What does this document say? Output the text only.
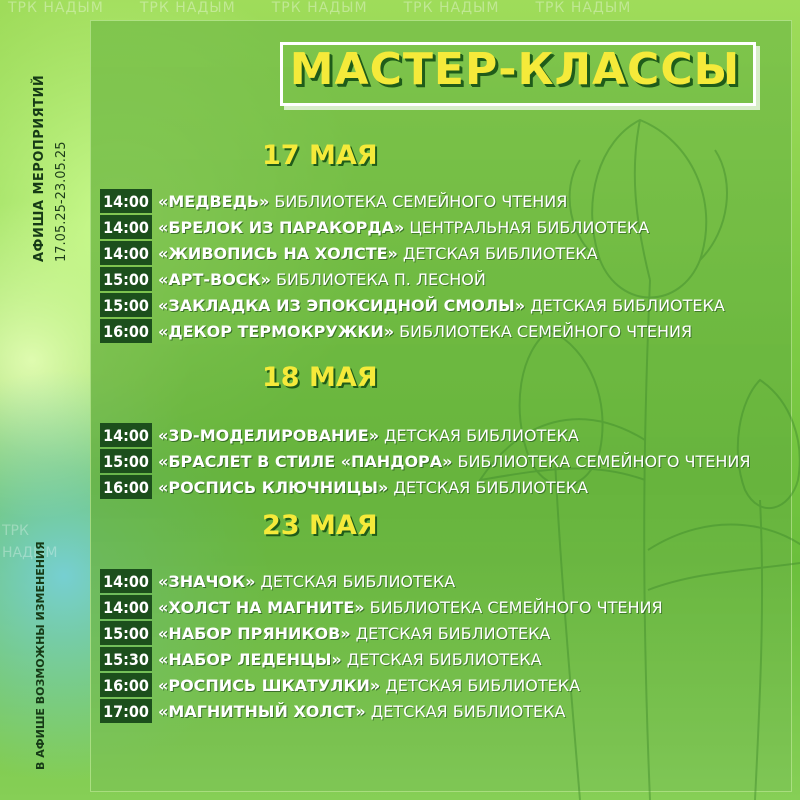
ТРК НАДЫМ	ТРК НАДЫМ	ТРК НАДЫМ	ТРК НАДЫМ	ТРК НАДЫМ
ТРК НАДЫМ
АФИША МЕРОПРИЯТИЙ 17.05.25-23.05.25
В АФИШЕ ВОЗМОЖНЫ ИЗМЕНЕНИЯ
МАСТЕР-КЛАССЫ
17 МАЯ
14:00 «МЕДВЕДЬ» БИБЛИОТЕКА СЕМЕЙНОГО ЧТЕНИЯ
14:00 «БРЕЛОК ИЗ ПАРАКОРДА» ЦЕНТРАЛЬНАЯ БИБЛИОТЕКА
14:00 «ЖИВОПИСЬ НА ХОЛСТЕ» ДЕТСКАЯ БИБЛИОТЕКА
15:00 «АРТ-ВОСК» БИБЛИОТЕКА П. ЛЕСНОЙ
15:00 «ЗАКЛАДКА ИЗ ЭПОКСИДНОЙ СМОЛЫ» ДЕТСКАЯ БИБЛИОТЕКА
16:00 «ДЕКОР ТЕРМОКРУЖКИ» БИБЛИОТЕКА СЕМЕЙНОГО ЧТЕНИЯ
18 МАЯ
14:00 «3D-МОДЕЛИРОВАНИЕ» ДЕТСКАЯ БИБЛИОТЕКА
15:00 «БРАСЛЕТ В СТИЛЕ «ПАНДОРА» БИБЛИОТЕКА СЕМЕЙНОГО ЧТЕНИЯ
16:00 «РОСПИСЬ КЛЮЧНИЦЫ» ДЕТСКАЯ БИБЛИОТЕКА
23 МАЯ
14:00 «ЗНАЧОК» ДЕТСКАЯ БИБЛИОТЕКА
14:00 «ХОЛСТ НА МАГНИТЕ» БИБЛИОТЕКА СЕМЕЙНОГО ЧТЕНИЯ
15:00 «НАБОР ПРЯНИКОВ» ДЕТСКАЯ БИБЛИОТЕКА
15:30 «НАБОР ЛЕДЕНЦЫ» ДЕТСКАЯ БИБЛИОТЕКА
16:00 «РОСПИСЬ ШКАТУЛКИ» ДЕТСКАЯ БИБЛИОТЕКА
17:00 «МАГНИТНЫЙ ХОЛСТ» ДЕТСКАЯ БИБЛИОТЕКА
